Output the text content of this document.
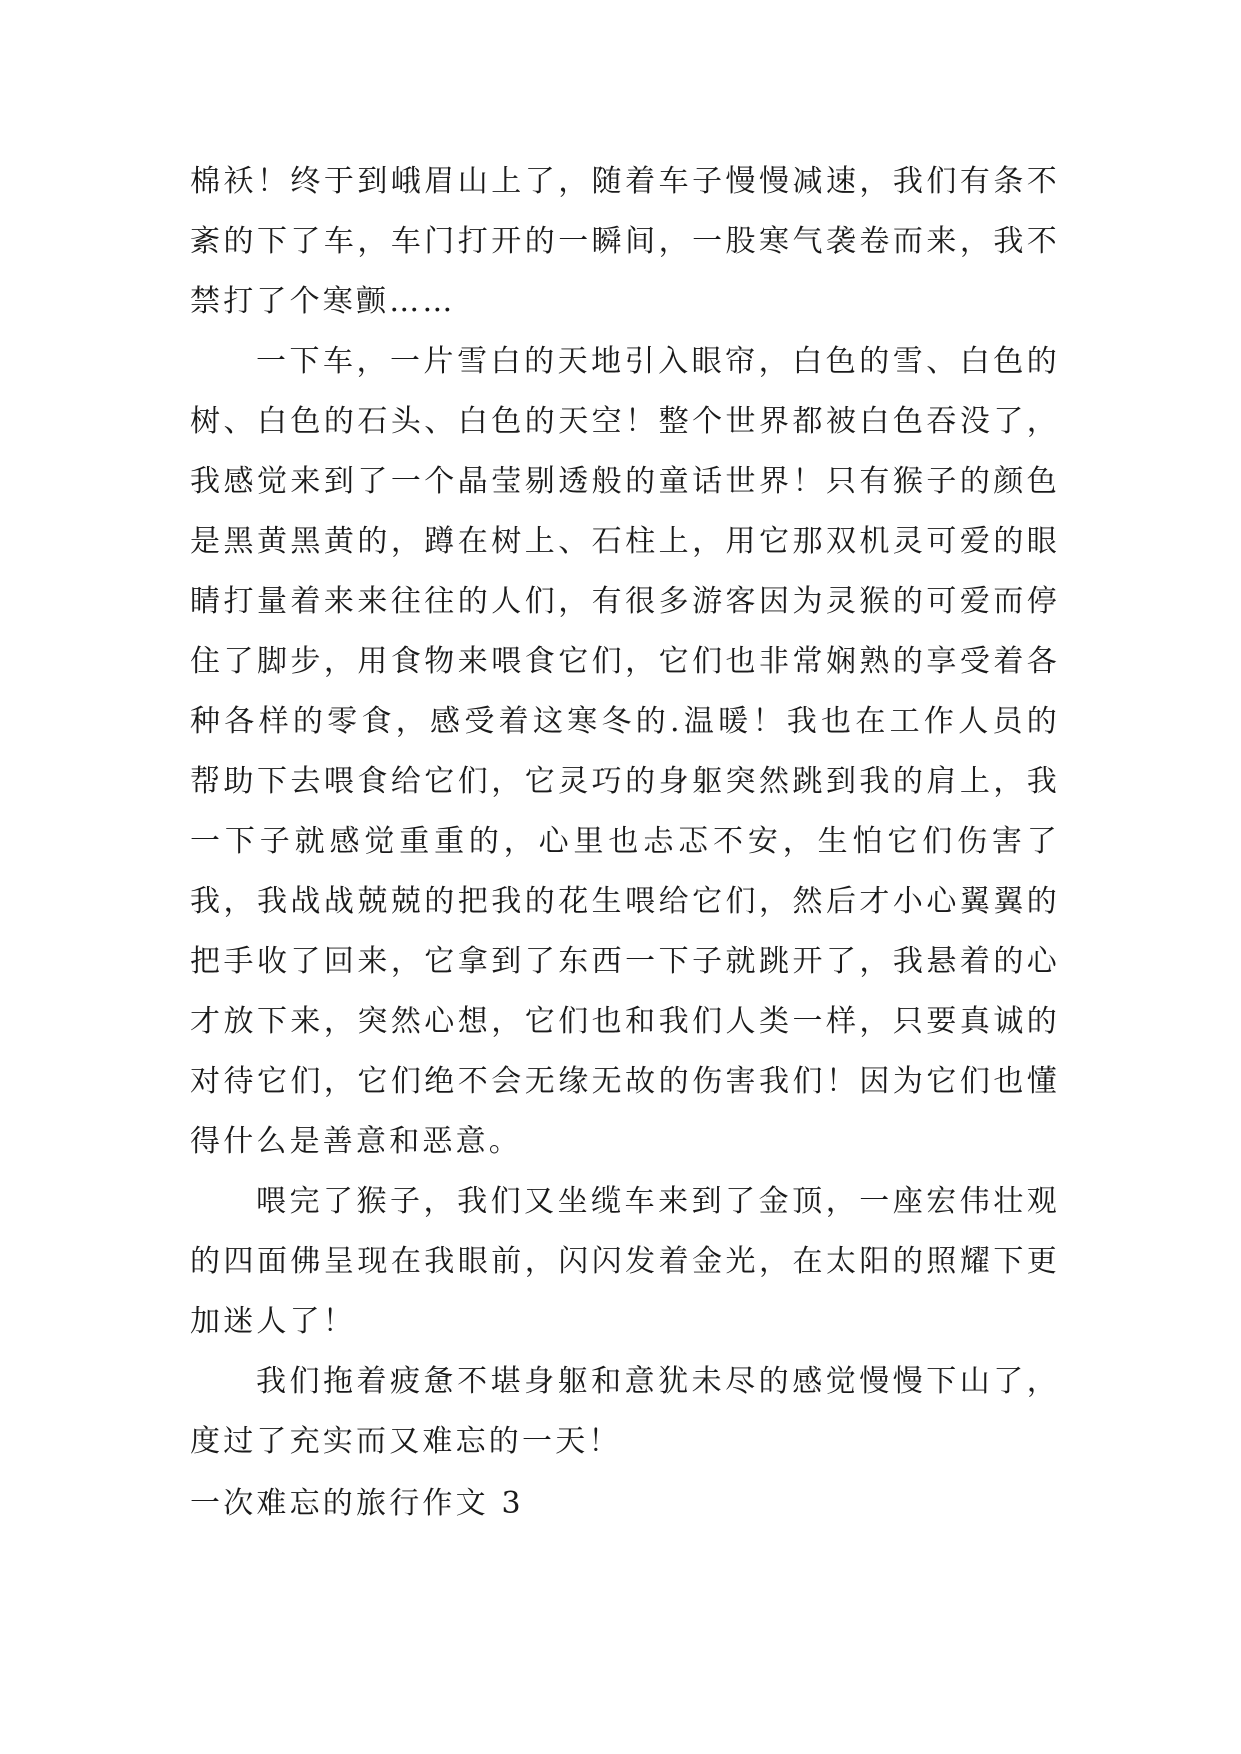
棉袄！终于到峨眉山上了，随着车子慢慢减速，我们有条不紊的下了车，车门打开的一瞬间，一股寒气袭卷而来，我不禁打了个寒颤……

一下车，一片雪白的天地引入眼帘，白色的雪、白色的树、白色的石头、白色的天空！整个世界都被白色吞没了，我感觉来到了一个晶莹剔透般的童话世界！只有猴子的颜色是黑黄黑黄的，蹲在树上、石柱上，用它那双机灵可爱的眼睛打量着来来往往的人们，有很多游客因为灵猴的可爱而停住了脚步，用食物来喂食它们，它们也非常娴熟的享受着各种各样的零食，感受着这寒冬的.温暖！我也在工作人员的帮助下去喂食给它们，它灵巧的身躯突然跳到我的肩上，我一下子就感觉重重的，心里也忐忑不安，生怕它们伤害了我，我战战兢兢的把我的花生喂给它们，然后才小心翼翼的把手收了回来，它拿到了东西一下子就跳开了，我悬着的心才放下来，突然心想，它们也和我们人类一样，只要真诚的对待它们，它们绝不会无缘无故的伤害我们！因为它们也懂得什么是善意和恶意。

喂完了猴子，我们又坐缆车来到了金顶，一座宏伟壮观的四面佛呈现在我眼前，闪闪发着金光，在太阳的照耀下更加迷人了！

我们拖着疲惫不堪身躯和意犹未尽的感觉慢慢下山了，度过了充实而又难忘的一天！

一次难忘的旅行作文 3
